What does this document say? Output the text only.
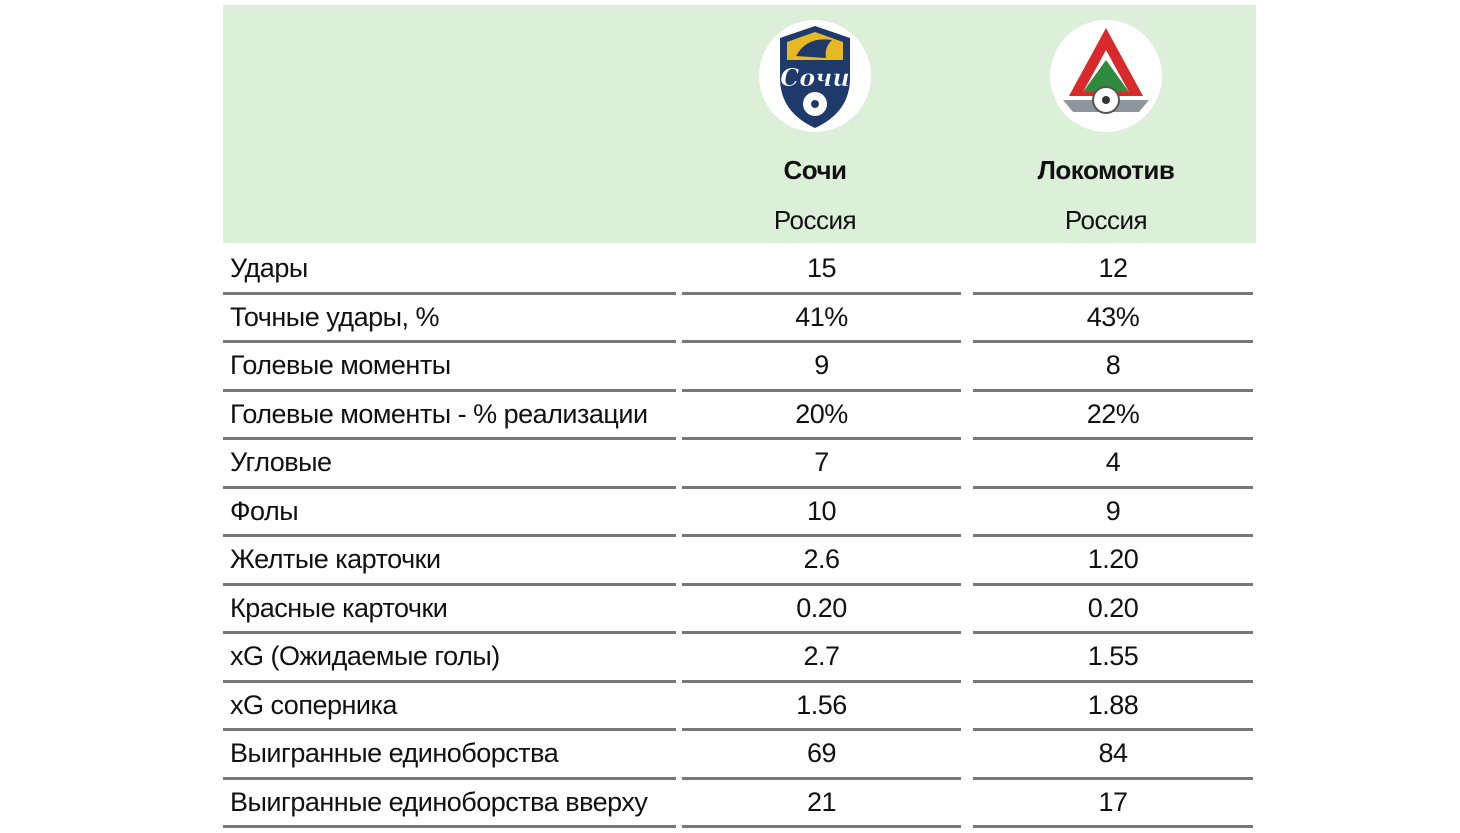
Сочи
Сочи
Россия
Локомотив
Россия
Удары	15	12
Точные удары, %	41%	43%
Голевые моменты	9	8
Голевые моменты - % реализации	20%	22%
Угловые	7	4
Фолы	10	9
Желтые карточки	2.6	1.20
Красные карточки	0.20	0.20
xG (Ожидаемые голы)	2.7	1.55
xG соперника	1.56	1.88
Выигранные единоборства	69	84
Выигранные единоборства вверху	21	17
